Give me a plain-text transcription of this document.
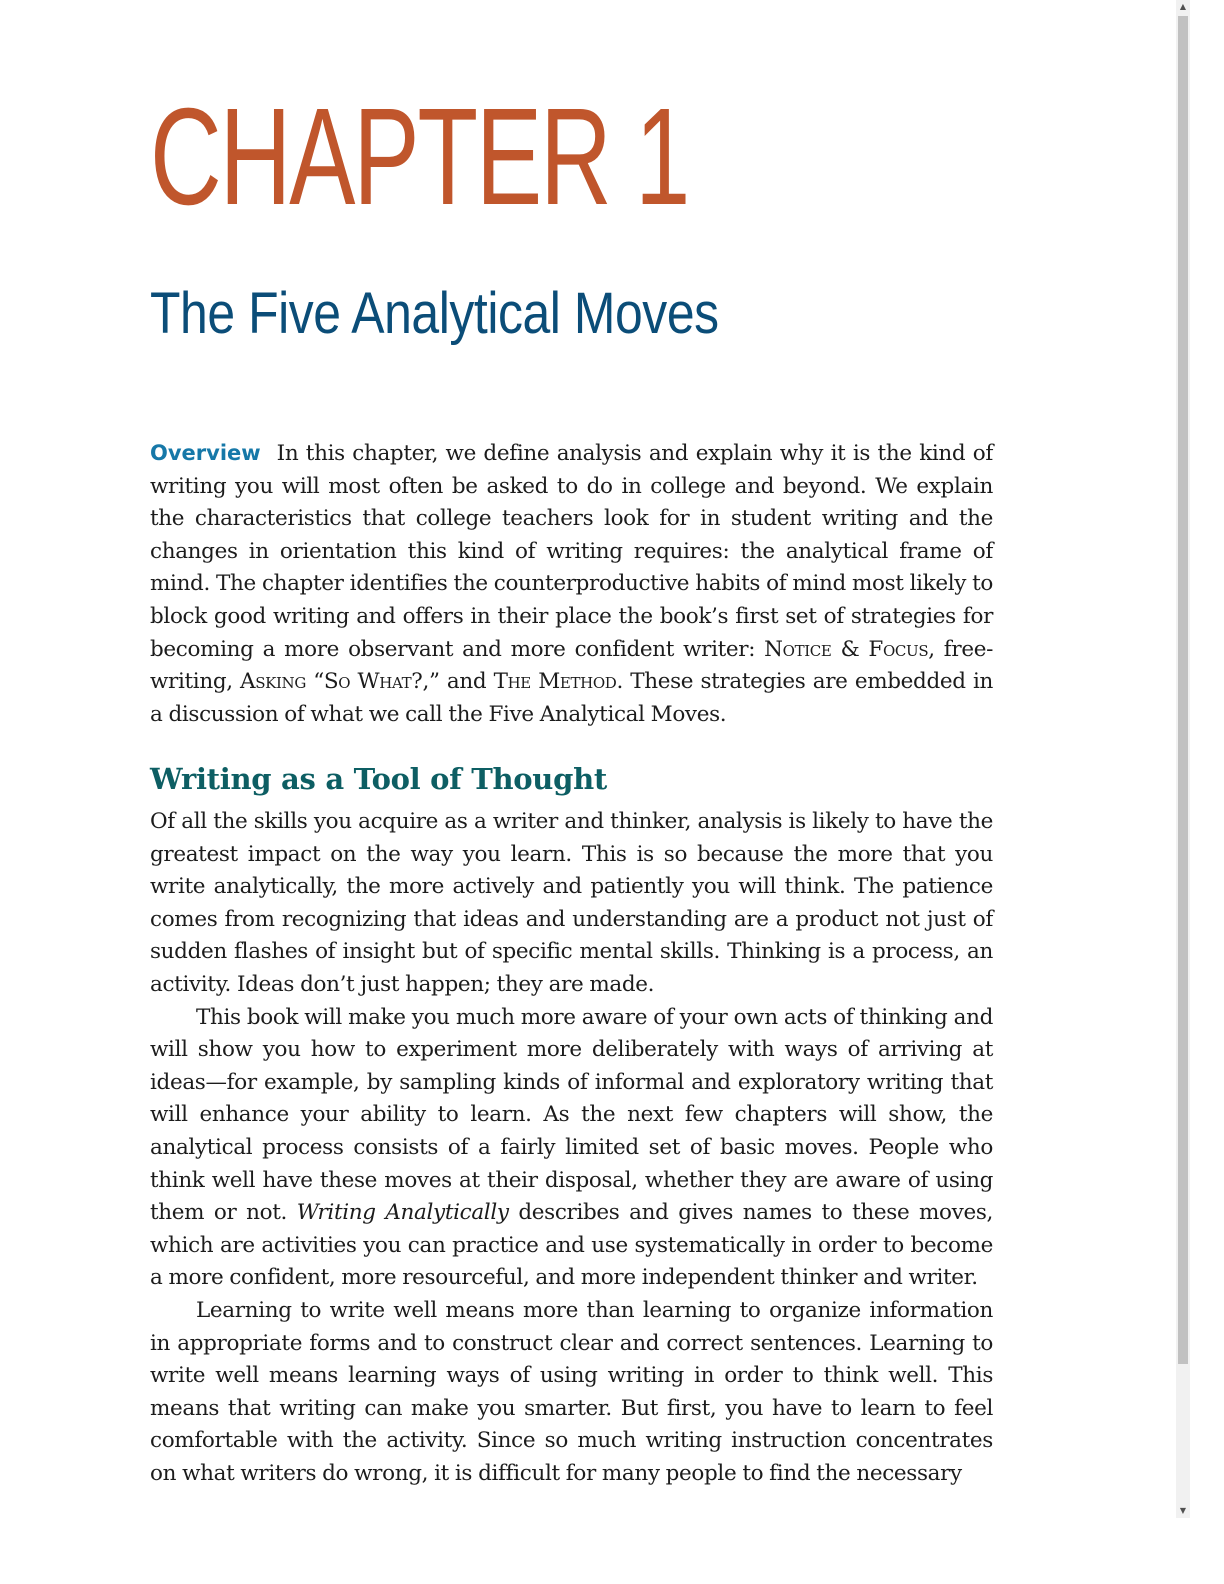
CHAPTER 1
The Five Analytical Moves
Overview In this chapter, we define analysis and explain why it is the kind of writing you will most often be asked to do in college and beyond. We explain the characteristics that college teachers look for in student writing and the changes in orientation this kind of writing requires: the analytical frame of mind. The chapter identifies the counterproductive habits of mind most likely to block good writing and offers in their place the book’s first set of strategies for becoming a more observant and more confident writer: Notice & Focus, free-writing, Asking “So What?,” and The Method. These strategies are embedded in a discussion of what we call the Five Analytical Moves.
Writing as a Tool of Thought

Of all the skills you acquire as a writer and thinker, analysis is likely to have the greatest impact on the way you learn. This is so because the more that you write analytically, the more actively and patiently you will think. The patience comes from recognizing that ideas and understanding are a product not just of sudden flashes of insight but of specific mental skills. Thinking is a process, an activity. Ideas don’t just happen; they are made.

This book will make you much more aware of your own acts of thinking and will show you how to experiment more deliberately with ways of arriving at ideas—for example, by sampling kinds of informal and exploratory writing that will enhance your ability to learn. As the next few chapters will show, the analytical process consists of a fairly limited set of basic moves. People who think well have these moves at their disposal, whether they are aware of using them or not. Writing Analytically describes and gives names to these moves, which are activities you can practice and use systematically in order to become a more confident, more resourceful, and more independent thinker and writer.

Learning to write well means more than learning to organize information in appropriate forms and to construct clear and correct sentences. Learning to write well means learning ways of using writing in order to think well. This means that writing can make you smarter. But first, you have to learn to feel comfortable with the activity. Since so much writing instruction concentrates on what writers do wrong, it is difficult for many people to find the necessary

▲
▼
